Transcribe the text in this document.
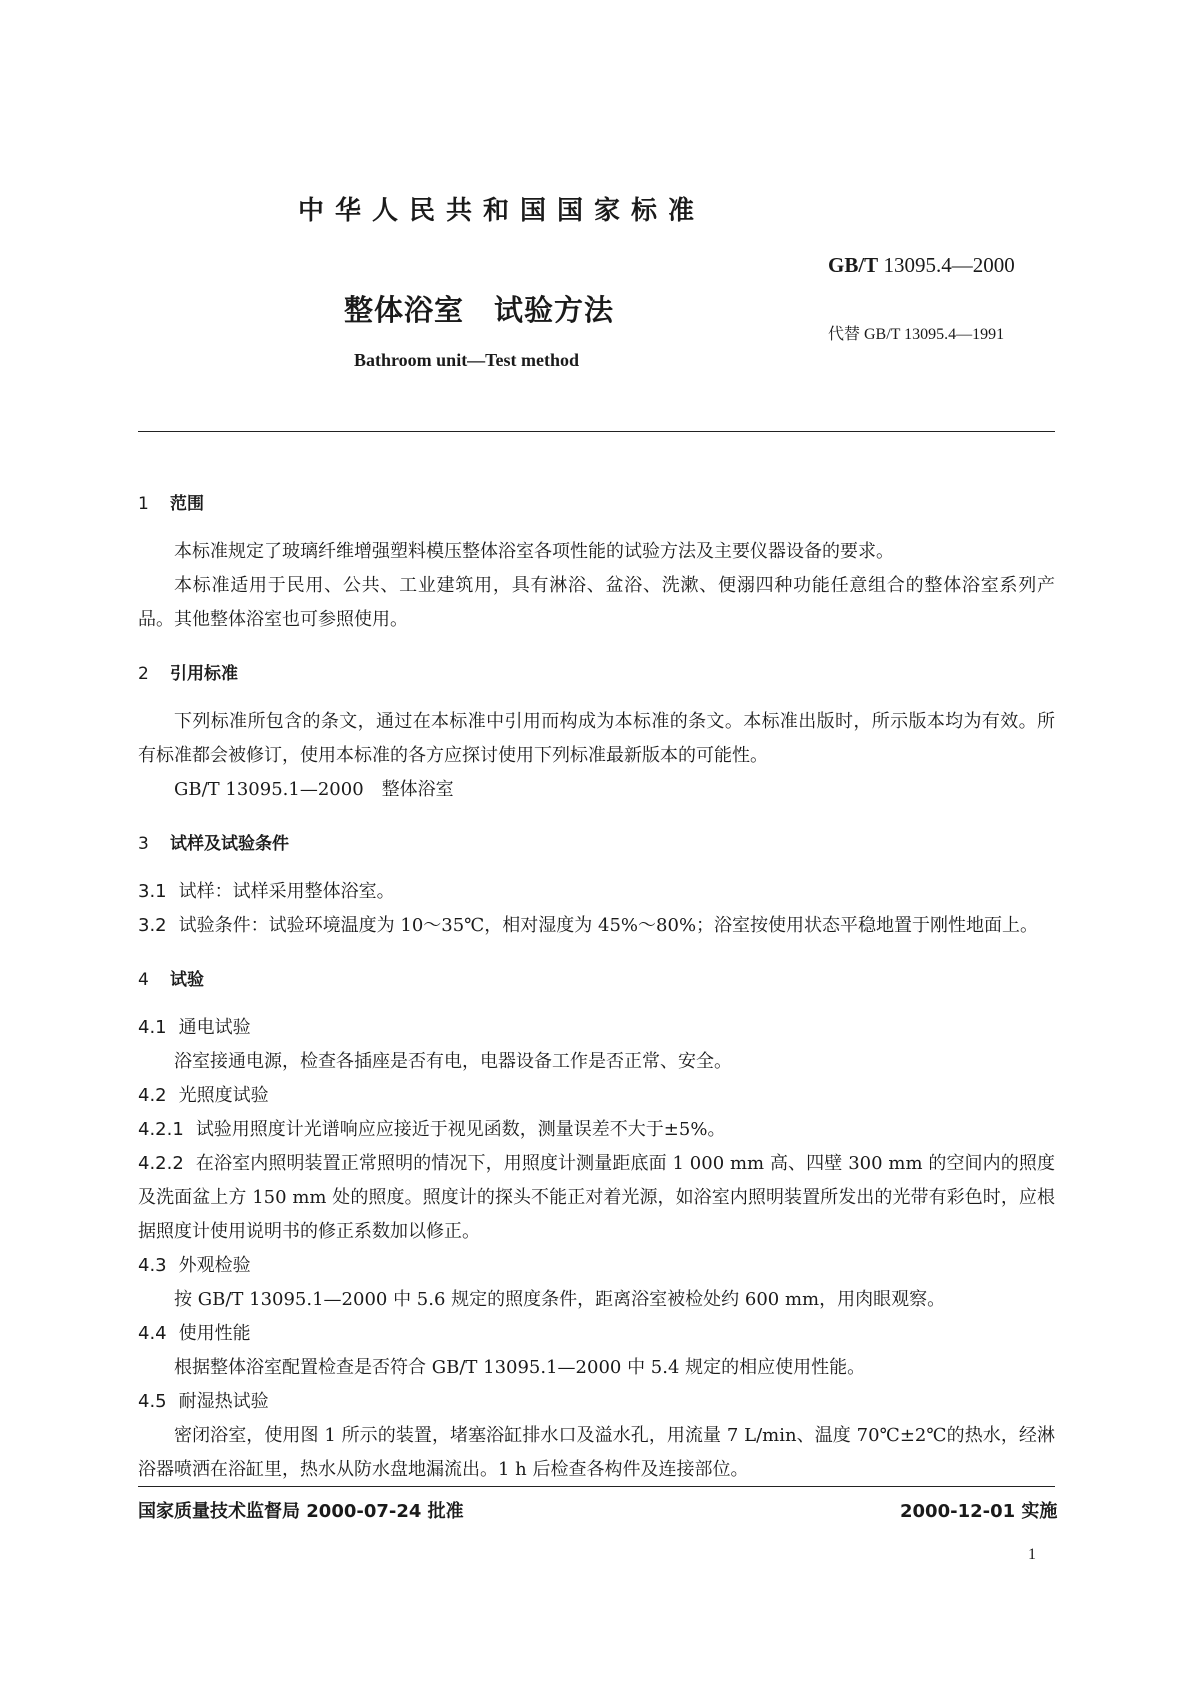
中华人民共和国国家标准
GB/T 13095.4—2000
整体浴室　试验方法
代替 GB/T 13095.4—1991
Bathroom unit—Test method

1 范围

本标准规定了玻璃纤维增强塑料模压整体浴室各项性能的试验方法及主要仪器设备的要求。

本标准适用于民用、公共、工业建筑用，具有淋浴、盆浴、洗漱、便溺四种功能任意组合的整体浴室系列产品。其他整体浴室也可参照使用。

2 引用标准

下列标准所包含的条文，通过在本标准中引用而构成为本标准的条文。本标准出版时，所示版本均为有效。所有标准都会被修订，使用本标准的各方应探讨使用下列标准最新版本的可能性。

GB/T 13095.1—2000　整体浴室

3 试样及试验条件

3.1 试样：试样采用整体浴室。

3.2 试验条件：试验环境温度为 10～35℃，相对湿度为 45%～80%；浴室按使用状态平稳地置于刚性地面上。

4 试验

4.1 通电试验

浴室接通电源，检查各插座是否有电，电器设备工作是否正常、安全。

4.2 光照度试验

4.2.1 试验用照度计光谱响应应接近于视见函数，测量误差不大于±5%。

4.2.2 在浴室内照明装置正常照明的情况下，用照度计测量距底面 1 000 mm 高、四壁 300 mm 的空间内的照度及洗面盆上方 150 mm 处的照度。照度计的探头不能正对着光源，如浴室内照明装置所发出的光带有彩色时，应根据照度计使用说明书的修正系数加以修正。

4.3 外观检验

按 GB/T 13095.1—2000 中 5.6 规定的照度条件，距离浴室被检处约 600 mm，用肉眼观察。

4.4 使用性能

根据整体浴室配置检查是否符合 GB/T 13095.1—2000 中 5.4 规定的相应使用性能。

4.5 耐湿热试验

密闭浴室，使用图 1 所示的装置，堵塞浴缸排水口及溢水孔，用流量 7 L/min、温度 70℃±2℃的热水，经淋浴器喷洒在浴缸里，热水从防水盘地漏流出。1 h 后检查各构件及连接部位。

国家质量技术监督局 2000-07-24 批准	2000-12-01 实施
1
